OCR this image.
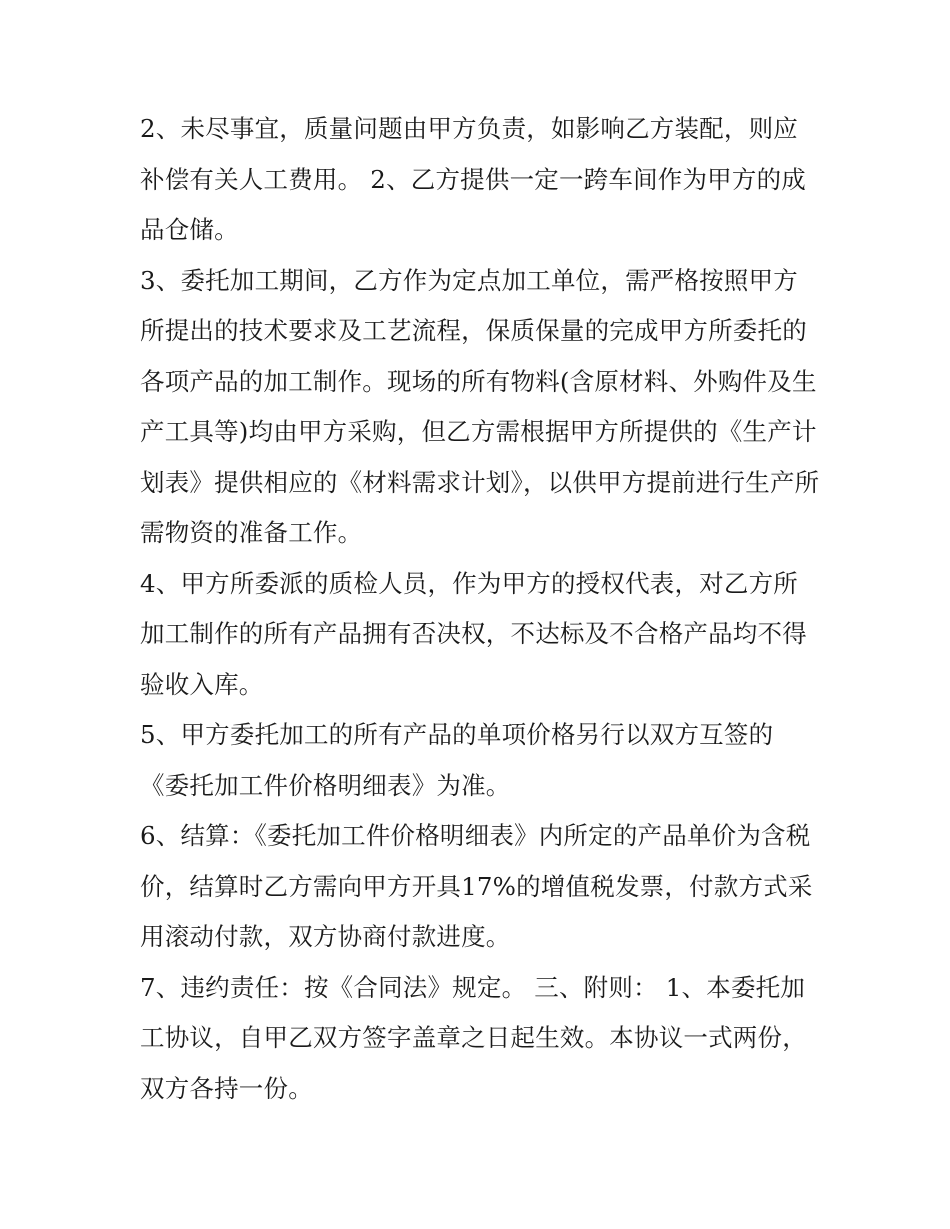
2、未尽事宜，质量问题由甲方负责，如影响乙方装配，则应补偿有关人工费用。 2、乙方提供一定一跨车间作为甲方的成品仓储。

3、委托加工期间，乙方作为定点加工单位，需严格按照甲方所提出的技术要求及工艺流程，保质保量的完成甲方所委托的各项产品的加工制作。现场的所有物料(含原材料、外购件及生产工具等)均由甲方采购，但乙方需根据甲方所提供的《生产计划表》提供相应的《材料需求计划》，以供甲方提前进行生产所需物资的准备工作。

4、甲方所委派的质检人员，作为甲方的授权代表，对乙方所加工制作的所有产品拥有否决权，不达标及不合格产品均不得验收入库。

5、甲方委托加工的所有产品的单项价格另行以双方互签的《委托加工件价格明细表》为准。

6、结算：《委托加工件价格明细表》内所定的产品单价为含税价，结算时乙方需向甲方开具17%的增值税发票，付款方式采用滚动付款，双方协商付款进度。

7、违约责任：按《合同法》规定。 三、附则： 1、本委托加工协议，自甲乙双方签字盖章之日起生效。本协议一式两份，双方各持一份。
